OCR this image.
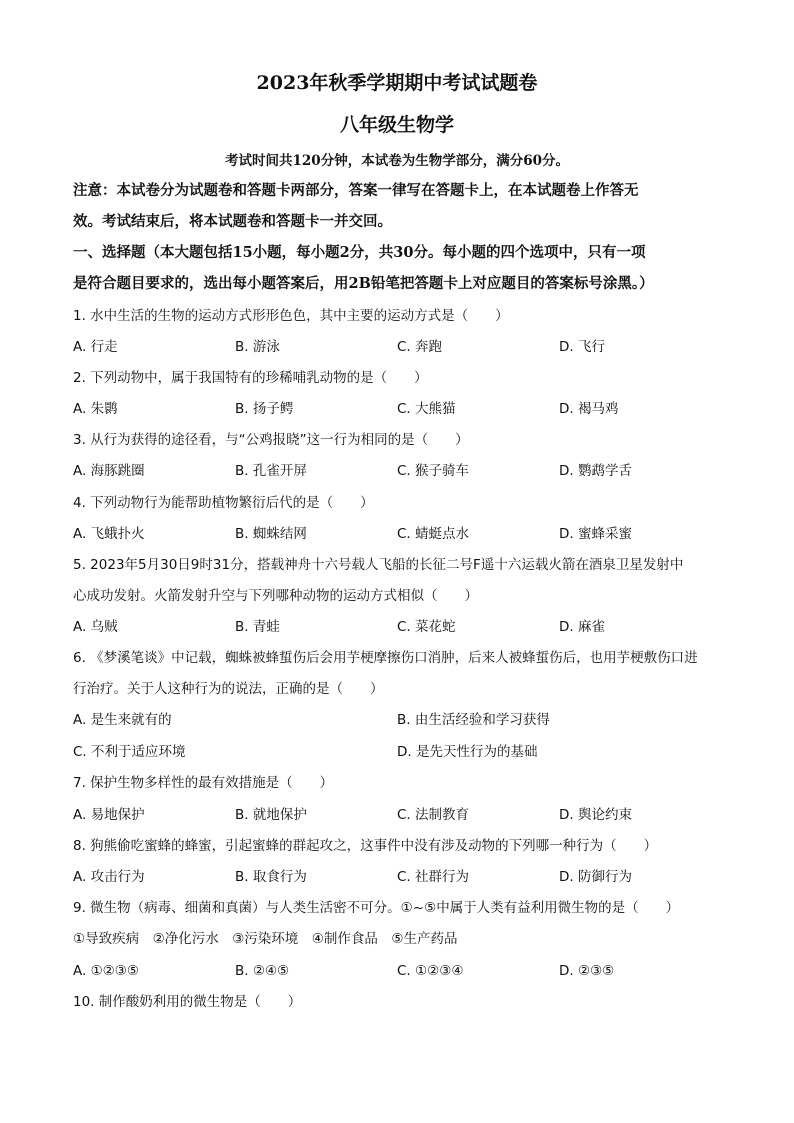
2023年秋季学期期中考试试题卷
八年级生物学
考试时间共120分钟，本试卷为生物学部分，满分60分。
注意：本试卷分为试题卷和答题卡两部分，答案一律写在答题卡上，在本试题卷上作答无
效。考试结束后，将本试题卷和答题卡一并交回。
一、选择题（本大题包括15小题，每小题2分，共30分。每小题的四个选项中，只有一项
是符合题目要求的，选出每小题答案后，用2B铅笔把答题卡上对应题目的答案标号涂黑。）
1. 水中生活的生物的运动方式形形色色，其中主要的运动方式是（　　）
A. 行走	B. 游泳	C. 奔跑	D. 飞行
2. 下列动物中，属于我国特有的珍稀哺乳动物的是（　　）
A. 朱鹮	B. 扬子鳄	C. 大熊猫	D. 褐马鸡
3. 从行为获得的途径看，与“公鸡报晓”这一行为相同的是（　　）
A. 海豚跳圈	B. 孔雀开屏	C. 猴子骑车	D. 鹦鹉学舌
4. 下列动物行为能帮助植物繁衍后代的是（　　）
A. 飞蛾扑火	B. 蜘蛛结网	C. 蜻蜓点水	D. 蜜蜂采蜜
5. 2023年5月30日9时31分，搭载神舟十六号载人飞船的长征二号F遥十六运载火箭在酒泉卫星发射中
心成功发射。火箭发射升空与下列哪种动物的运动方式相似（　　）
A. 乌贼	B. 青蛙	C. 菜花蛇	D. 麻雀
6. 《梦溪笔谈》中记载，蜘蛛被蜂蜇伤后会用芋梗摩擦伤口消肿，后来人被蜂蜇伤后，也用芋梗敷伤口进
行治疗。关于人这种行为的说法，正确的是（　　）
A. 是生来就有的	B. 由生活经验和学习获得
C. 不利于适应环境	D. 是先天性行为的基础
7. 保护生物多样性的最有效措施是（　　）
A. 易地保护	B. 就地保护	C. 法制教育	D. 舆论约束
8. 狗熊偷吃蜜蜂的蜂蜜，引起蜜蜂的群起攻之，这事件中没有涉及动物的下列哪一种行为（　　）
A. 攻击行为	B. 取食行为	C. 社群行为	D. 防御行为
9. 微生物（病毒、细菌和真菌）与人类生活密不可分。①~⑤中属于人类有益利用微生物的是（　　）
①导致疾病　②净化污水　③污染环境　④制作食品　⑤生产药品
A. ①②③⑤	B. ②④⑤	C. ①②③④	D. ②③⑤
10. 制作酸奶利用的微生物是（　　）
